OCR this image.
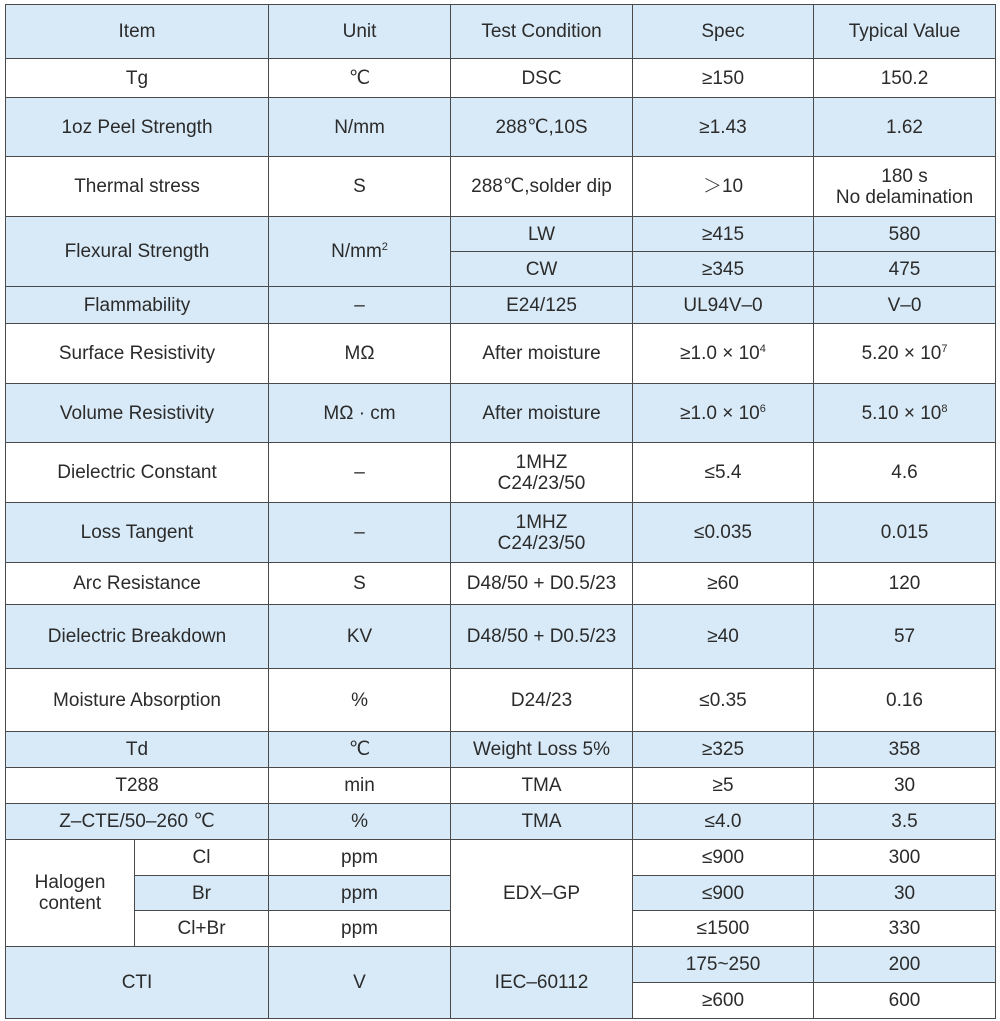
Item		Unit	Test Condition	Spec	Typical Value
Tg		℃	DSC	≥150	150.2
1oz Peel Strength		N/mm	288℃,10S	≥1.43	1.62
Thermal stress		S	288℃,solder dip	＞10	180 s
No delamination

Flexural Strength		$N/mm^2$	LW	≥415	580
			CW	≥345	475
Flammability		–	E24/125	UL94V–0	V–0
Surface Resistivity		MΩ	After moisture	$\ge 1.0 \times 10^4$	$5.20 \times 10^7$
Volume Resistivity		MΩ · cm	After moisture	$\ge 1.0 \times 10^6$	$5.10 \times 10^8$
Dielectric Constant		–	1MHZ
C24/23/50	≤5.4	4.6
Loss Tangent		–	1MHZ
C24/23/50	≤0.035	0.015
Arc Resistance		S	D48/50 + D0.5/23	≥60	120
Dielectric Breakdown		KV	D48/50 + D0.5/23	≥40	57
Moisture Absorption		%	D24/23	≤0.35	0.16
Td		℃	Weight Loss 5%	≥325	358
T288		min	TMA	≥5	30
Z–CTE/50–260 ℃		%	TMA	≤4.0	3.5

Halogen
content	Cl	ppm	EDX–GP	≤900	300
	Br	ppm		≤900	30
	Cl+Br	ppm		≤1500	330
CTI		V	IEC–60112	175~250	200
				≥600	600
